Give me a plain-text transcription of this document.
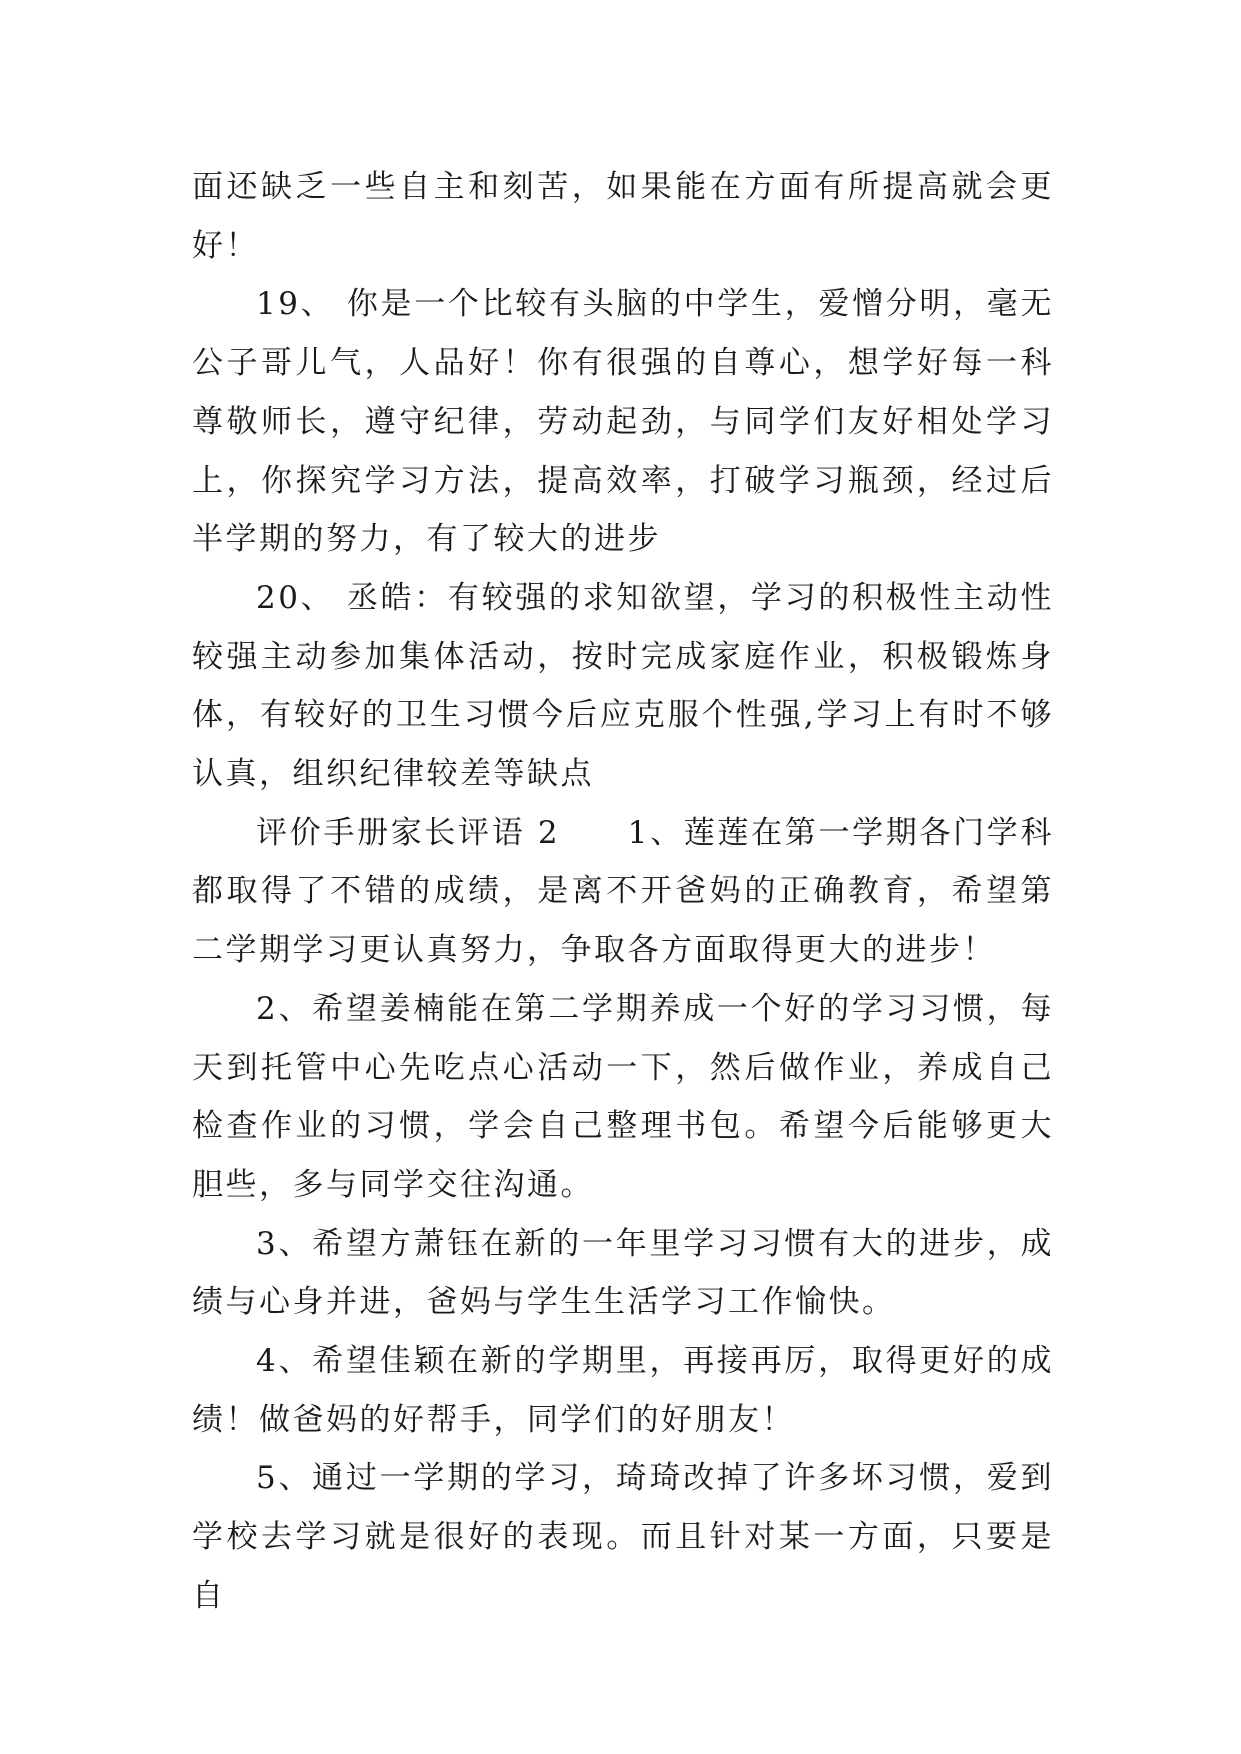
面还缺乏一些自主和刻苦，如果能在方面有所提高就会更好！

19、 你是一个比较有头脑的中学生，爱憎分明，毫无公子哥儿气，人品好！你有很强的自尊心，想学好每一科尊敬师长，遵守纪律，劳动起劲，与同学们友好相处学习上，你探究学习方法，提高效率，打破学习瓶颈，经过后半学期的努力，有了较大的进步

20、 丞皓：有较强的求知欲望，学习的积极性主动性较强主动参加集体活动，按时完成家庭作业，积极锻炼身体，有较好的卫生习惯今后应克服个性强,学习上有时不够认真，组织纪律较差等缺点

评价手册家长评语 2　　1、莲莲在第一学期各门学科都取得了不错的成绩，是离不开爸妈的正确教育，希望第二学期学习更认真努力，争取各方面取得更大的进步！

2、希望姜楠能在第二学期养成一个好的学习习惯，每天到托管中心先吃点心活动一下，然后做作业，养成自己检查作业的习惯，学会自己整理书包。希望今后能够更大胆些，多与同学交往沟通。

3、希望方萧钰在新的一年里学习习惯有大的进步，成绩与心身并进，爸妈与学生生活学习工作愉快。

4、希望佳颖在新的学期里，再接再厉，取得更好的成绩！做爸妈的好帮手，同学们的好朋友！

5、通过一学期的学习，琦琦改掉了许多坏习惯，爱到学校去学习就是很好的表现。而且针对某一方面，只要是自
